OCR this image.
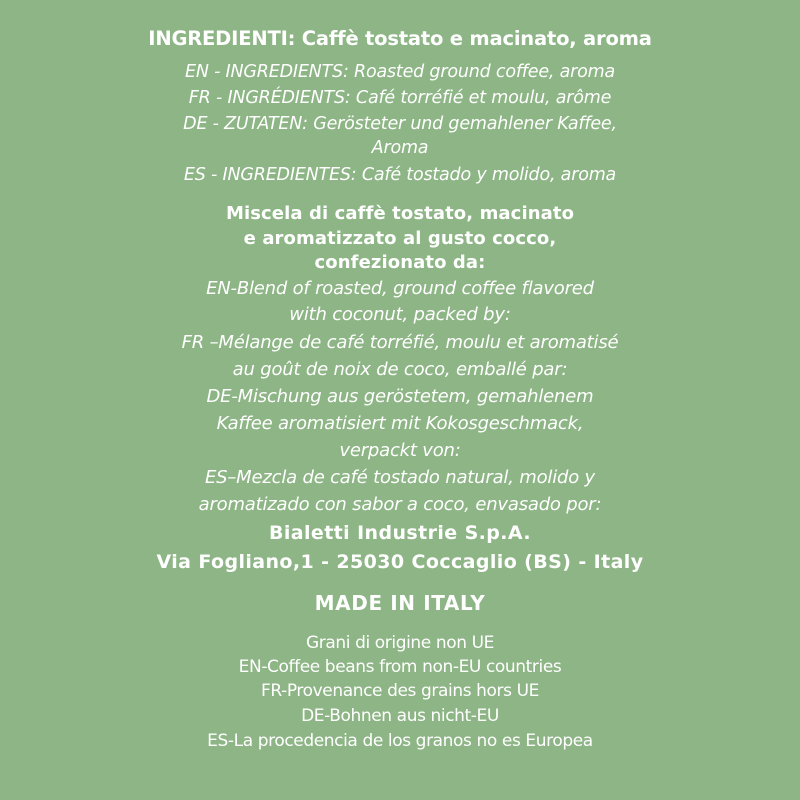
INGREDIENTI: Caffè tostato e macinato, aroma
EN - INGREDIENTS: Roasted ground coffee, aroma
FR - INGRÉDIENTS: Café torréfié et moulu, arôme
DE - ZUTATEN: Gerösteter und gemahlener Kaffee,
Aroma
ES - INGREDIENTES: Café tostado y molido, aroma
Miscela di caffè tostato, macinato
e aromatizzato al gusto cocco,
confezionato da:
EN-Blend of roasted, ground coffee flavored
with coconut, packed by:
FR –Mélange de café torréfié, moulu et aromatisé
au goût de noix de coco, emballé par:
DE-Mischung aus geröstetem, gemahlenem
Kaffee aromatisiert mit Kokosgeschmack,
verpackt von:
ES–Mezcla de café tostado natural, molido y
aromatizado con sabor a coco, envasado por:
Bialetti Industrie S.p.A.
Via Fogliano,1 - 25030 Coccaglio (BS) - Italy
MADE IN ITALY
Grani di origine non UE
EN-Coffee beans from non-EU countries
FR-Provenance des grains hors UE
DE-Bohnen aus nicht-EU
ES-La procedencia de los granos no es Europea
